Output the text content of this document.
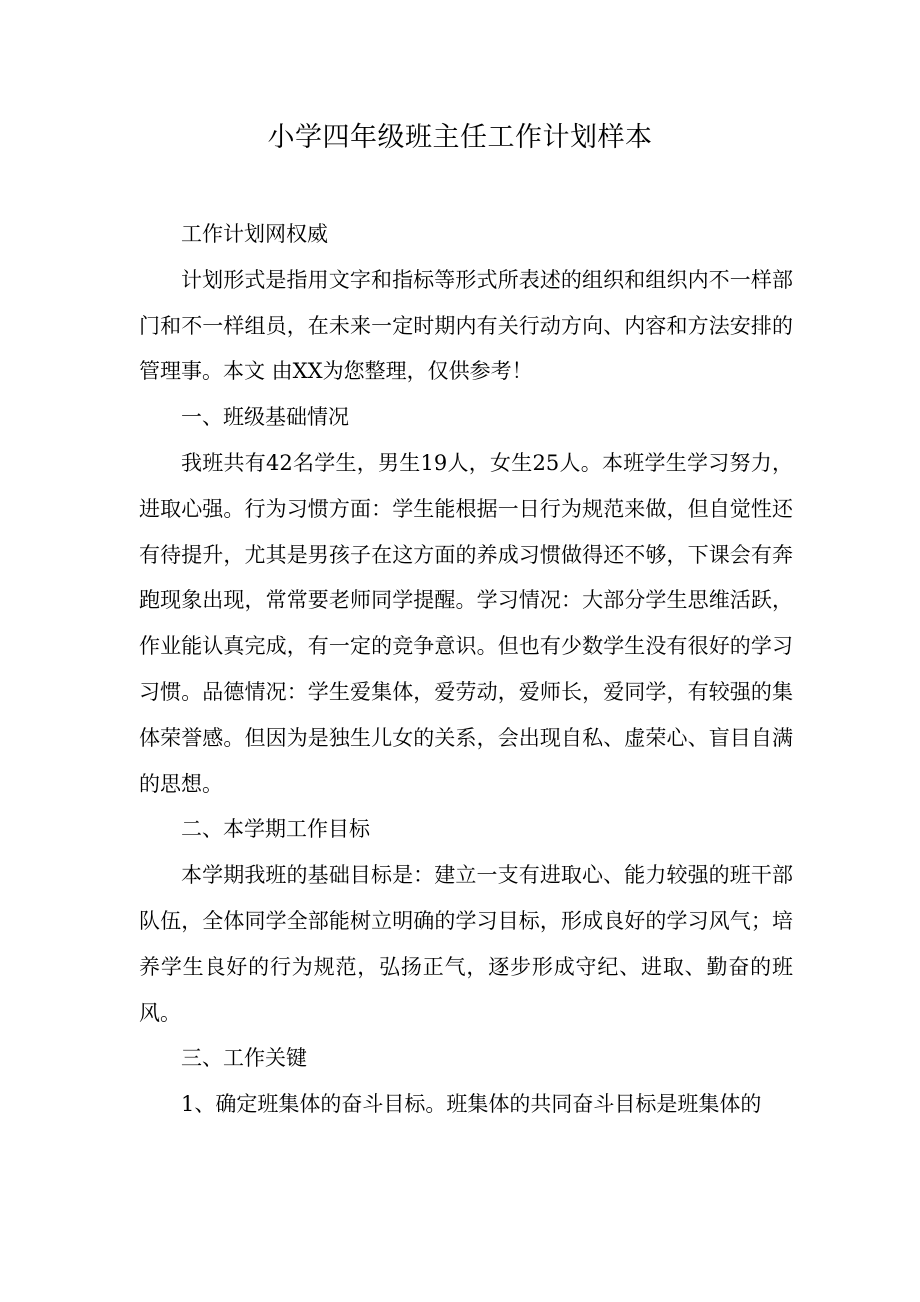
小学四年级班主任工作计划样本

工作计划网权威

计划形式是指用文字和指标等形式所表述的组织和组织内不一样部门和不一样组员，在未来一定时期内有关行动方向、内容和方法安排的管理事。本文 由XX为您整理，仅供参考！

一、班级基础情况

我班共有42名学生，男生19人，女生25人。本班学生学习努力，进取心强。行为习惯方面：学生能根据一日行为规范来做，但自觉性还有待提升，尤其是男孩子在这方面的养成习惯做得还不够，下课会有奔跑现象出现，常常要老师同学提醒。学习情况：大部分学生思维活跃，作业能认真完成，有一定的竞争意识。但也有少数学生没有很好的学习习惯。品德情况：学生爱集体，爱劳动，爱师长，爱同学，有较强的集体荣誉感。但因为是独生儿女的关系，会出现自私、虚荣心、盲目自满的思想。

二、本学期工作目标

本学期我班的基础目标是：建立一支有进取心、能力较强的班干部队伍，全体同学全部能树立明确的学习目标，形成良好的学习风气；培养学生良好的行为规范，弘扬正气，逐步形成守纪、进取、勤奋的班风。

三、工作关键

1、确定班集体的奋斗目标。班集体的共同奋斗目标是班集体的
